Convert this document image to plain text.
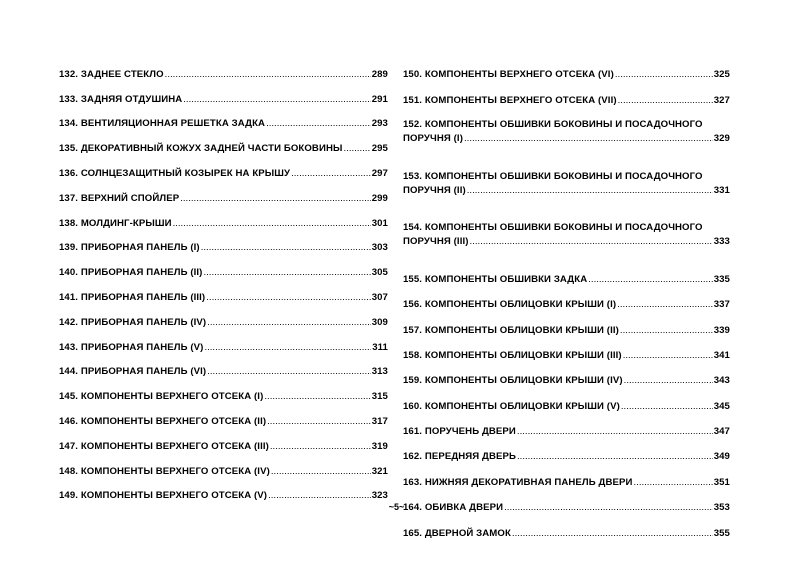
132. ЗАДНЕЕ СТЕКЛО .....	289
133. ЗАДНЯЯ ОТДУШИНА .....	291
134. ВЕНТИЛЯЦИОННАЯ РЕШЕТКА ЗАДКА .....	293
135. ДЕКОРАТИВНЫЙ КОЖУХ ЗАДНЕЙ ЧАСТИ БОКОВИНЫ .....	295
136. СОЛНЦЕЗАЩИТНЫЙ КОЗЫРЕК НА КРЫШУ .....	297
137. ВЕРХНИЙ СПОЙЛЕР .....	299
138. МОЛДИНГ-КРЫШИ .....	301
139. ПРИБОРНАЯ ПАНЕЛЬ (I) .....	303
140. ПРИБОРНАЯ ПАНЕЛЬ (II) .....	305
141. ПРИБОРНАЯ ПАНЕЛЬ (III) .....	307
142. ПРИБОРНАЯ ПАНЕЛЬ (IV) .....	309
143. ПРИБОРНАЯ ПАНЕЛЬ (V) .....	311
144. ПРИБОРНАЯ ПАНЕЛЬ (VI) .....	313
145. КОМПОНЕНТЫ ВЕРХНЕГО ОТСЕКА (I) .....	315
146. КОМПОНЕНТЫ ВЕРХНЕГО ОТСЕКА (II) .....	317
147. КОМПОНЕНТЫ ВЕРХНЕГО ОТСЕКА (III) .....	319
148. КОМПОНЕНТЫ ВЕРХНЕГО ОТСЕКА (IV) .....	321
149. КОМПОНЕНТЫ ВЕРХНЕГО ОТСЕКА (V) .....	323
150. КОМПОНЕНТЫ ВЕРХНЕГО ОТСЕКА (VI) .....	325
151. КОМПОНЕНТЫ ВЕРХНЕГО ОТСЕКА (VII) .....	327
152. КОМПОНЕНТЫ ОБШИВКИ БОКОВИНЫ И ПОСАДОЧНОГО
ПОРУЧНЯ (I) .....	329
153. КОМПОНЕНТЫ ОБШИВКИ БОКОВИНЫ И ПОСАДОЧНОГО
ПОРУЧНЯ (II) .....	331
154. КОМПОНЕНТЫ ОБШИВКИ БОКОВИНЫ И ПОСАДОЧНОГО
ПОРУЧНЯ (III) .....	333
155. КОМПОНЕНТЫ ОБШИВКИ ЗАДКА .....	335
156. КОМПОНЕНТЫ ОБЛИЦОВКИ КРЫШИ (I) .....	337
157. КОМПОНЕНТЫ ОБЛИЦОВКИ КРЫШИ (II) .....	339
158. КОМПОНЕНТЫ ОБЛИЦОВКИ КРЫШИ (III) .....	341
159. КОМПОНЕНТЫ ОБЛИЦОВКИ КРЫШИ (IV) .....	343
160. КОМПОНЕНТЫ ОБЛИЦОВКИ КРЫШИ (V) .....	345
161. ПОРУЧЕНЬ ДВЕРИ .....	347
162. ПЕРЕДНЯЯ ДВЕРЬ .....	349
163. НИЖНЯЯ ДЕКОРАТИВНАЯ ПАНЕЛЬ ДВЕРИ .....	351
164. ОБИВКА ДВЕРИ .....	353
165. ДВЕРНОЙ ЗАМОК .....	355
~5~
